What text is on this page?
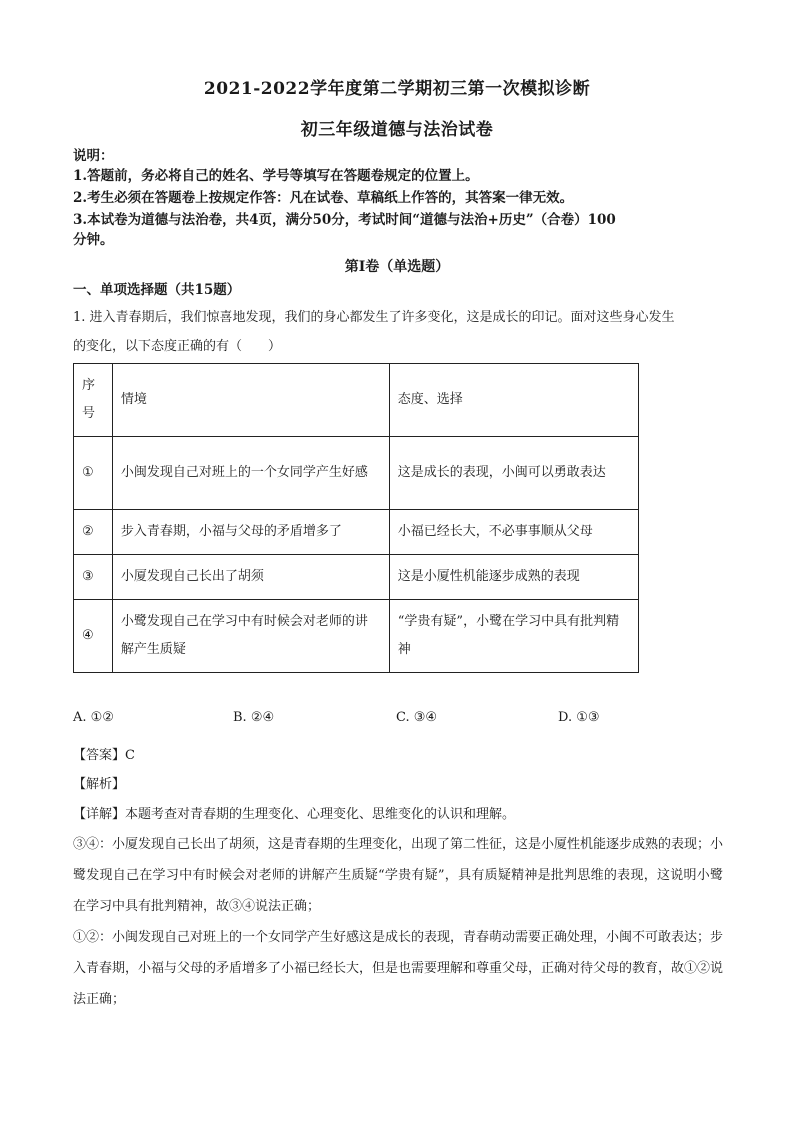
2021-2022学年度第二学期初三第一次模拟诊断
初三年级道德与法治试卷
说明：
1.答题前，务必将自己的姓名、学号等填写在答题卷规定的位置上。
2.考生必须在答题卷上按规定作答：凡在试卷、草稿纸上作答的，其答案一律无效。
3.本试卷为道德与法治卷，共4页，满分50分，考试时间“道德与法治+历史”（合卷）100
分钟。
第I卷（单选题）
一、单项选择题（共15题）
1. 进入青春期后，我们惊喜地发现，我们的身心都发生了许多变化，这是成长的印记。面对这些身心发生
的变化，以下态度正确的有（　　）
序号	情境	态度、选择
①	小闽发现自己对班上的一个女同学产生好感	这是成长的表现，小闽可以勇敢表达
②	步入青春期，小福与父母的矛盾增多了	小福已经长大，不必事事顺从父母
③	小厦发现自己长出了胡须	这是小厦性机能逐步成熟的表现
④	小鹭发现自己在学习中有时候会对老师的讲解产生质疑	“学贵有疑”，小鹭在学习中具有批判精神
A. ①②	B. ②④	C. ③④	D. ①③
【答案】C
【解析】
【详解】本题考查对青春期的生理变化、心理变化、思维变化的认识和理解。
③④：小厦发现自己长出了胡须，这是青春期的生理变化，出现了第二性征，这是小厦性机能逐步成熟的表现；小鹭发现自己在学习中有时候会对老师的讲解产生质疑“学贵有疑”，具有质疑精神是批判思维的表现，这说明小鹭在学习中具有批判精神，故③④说法正确；
①②：小闽发现自己对班上的一个女同学产生好感这是成长的表现，青春萌动需要正确处理，小闽不可敢表达；步入青春期，小福与父母的矛盾增多了小福已经长大，但是也需要理解和尊重父母，正确对待父母的教育，故①②说法正确；
